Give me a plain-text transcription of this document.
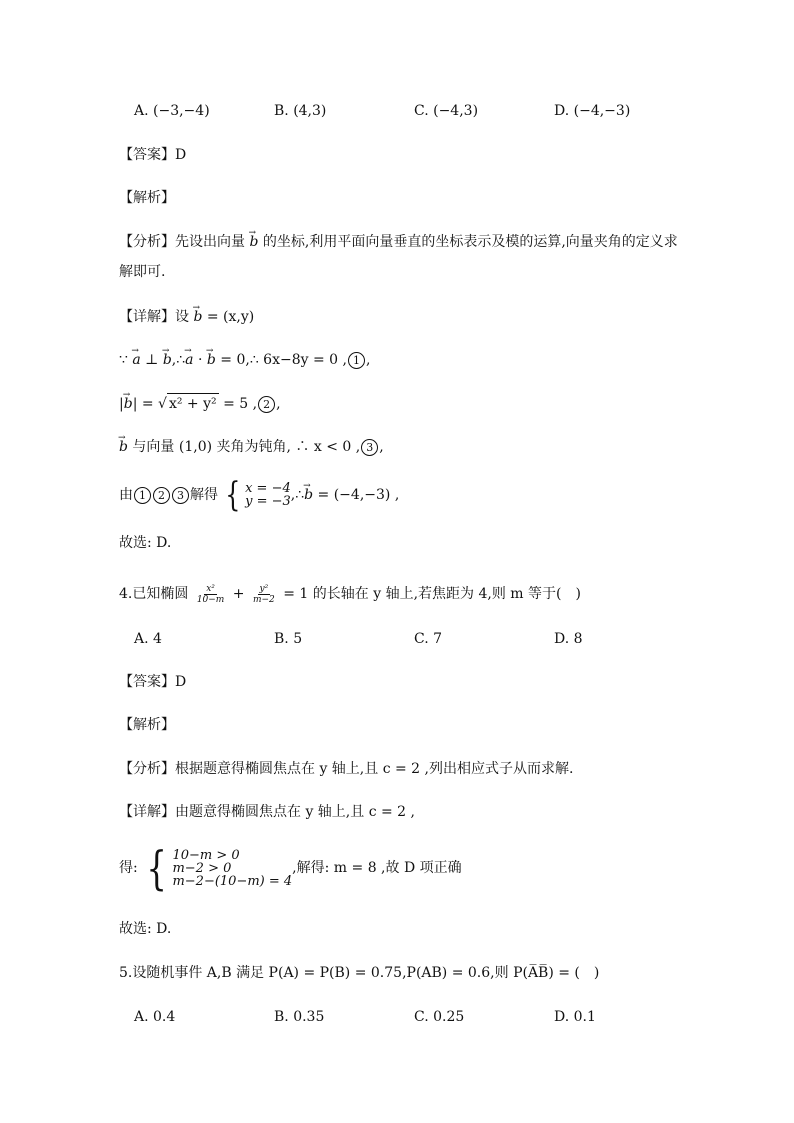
A. (−3,−4)	B. (4,3)	C. (−4,3)	D. (−4,−3)
【答案】D
【解析】
【分析】先设出向量 → b 的坐标,利用平面向量垂直的坐标表示及模的运算,向量夹角的定义求
解即可.
【详解】设 → b = (x,y)
∵ → a ⊥ → b,∴→ a · → b = 0,∴ 6x−8y = 0 , 1 ,
|→ b| = √ x² + y² = 5 , 2 ,
→ b 与向量 (1,0) 夹角为钝角, ∴ x < 0 , 3 ,
由 1 2 3 解得 { x = −4
y = −3 ,∴→ b = (−4,−3) ,
故选: D.
4.已知椭圆 $\frac{\text{x²}}{10-m} + \frac{\text{y²}}{m-2} = 1$ 的长轴在 y 轴上,若焦距为 4,则 m 等于(　)
A. 4	B. 5	C. 7	D. 8
【答案】D
【解析】
【分析】根据题意得椭圆焦点在 y 轴上,且 c = 2 ,列出相应式子从而求解.
【详解】由题意得椭圆焦点在 y 轴上,且 c = 2 ,
得: { 10−m > 0
m−2 > 0
m−2−(10−m) = 4
,解得: m = 8 ,故 D 项正确
故选: D.
5.设随机事件 A,B 满足 P(A) = P(B) = 0.75,P(AB) = 0.6,则 P(A̅B̅) = (　)
A. 0.4	B. 0.35	C. 0.25	D. 0.1
